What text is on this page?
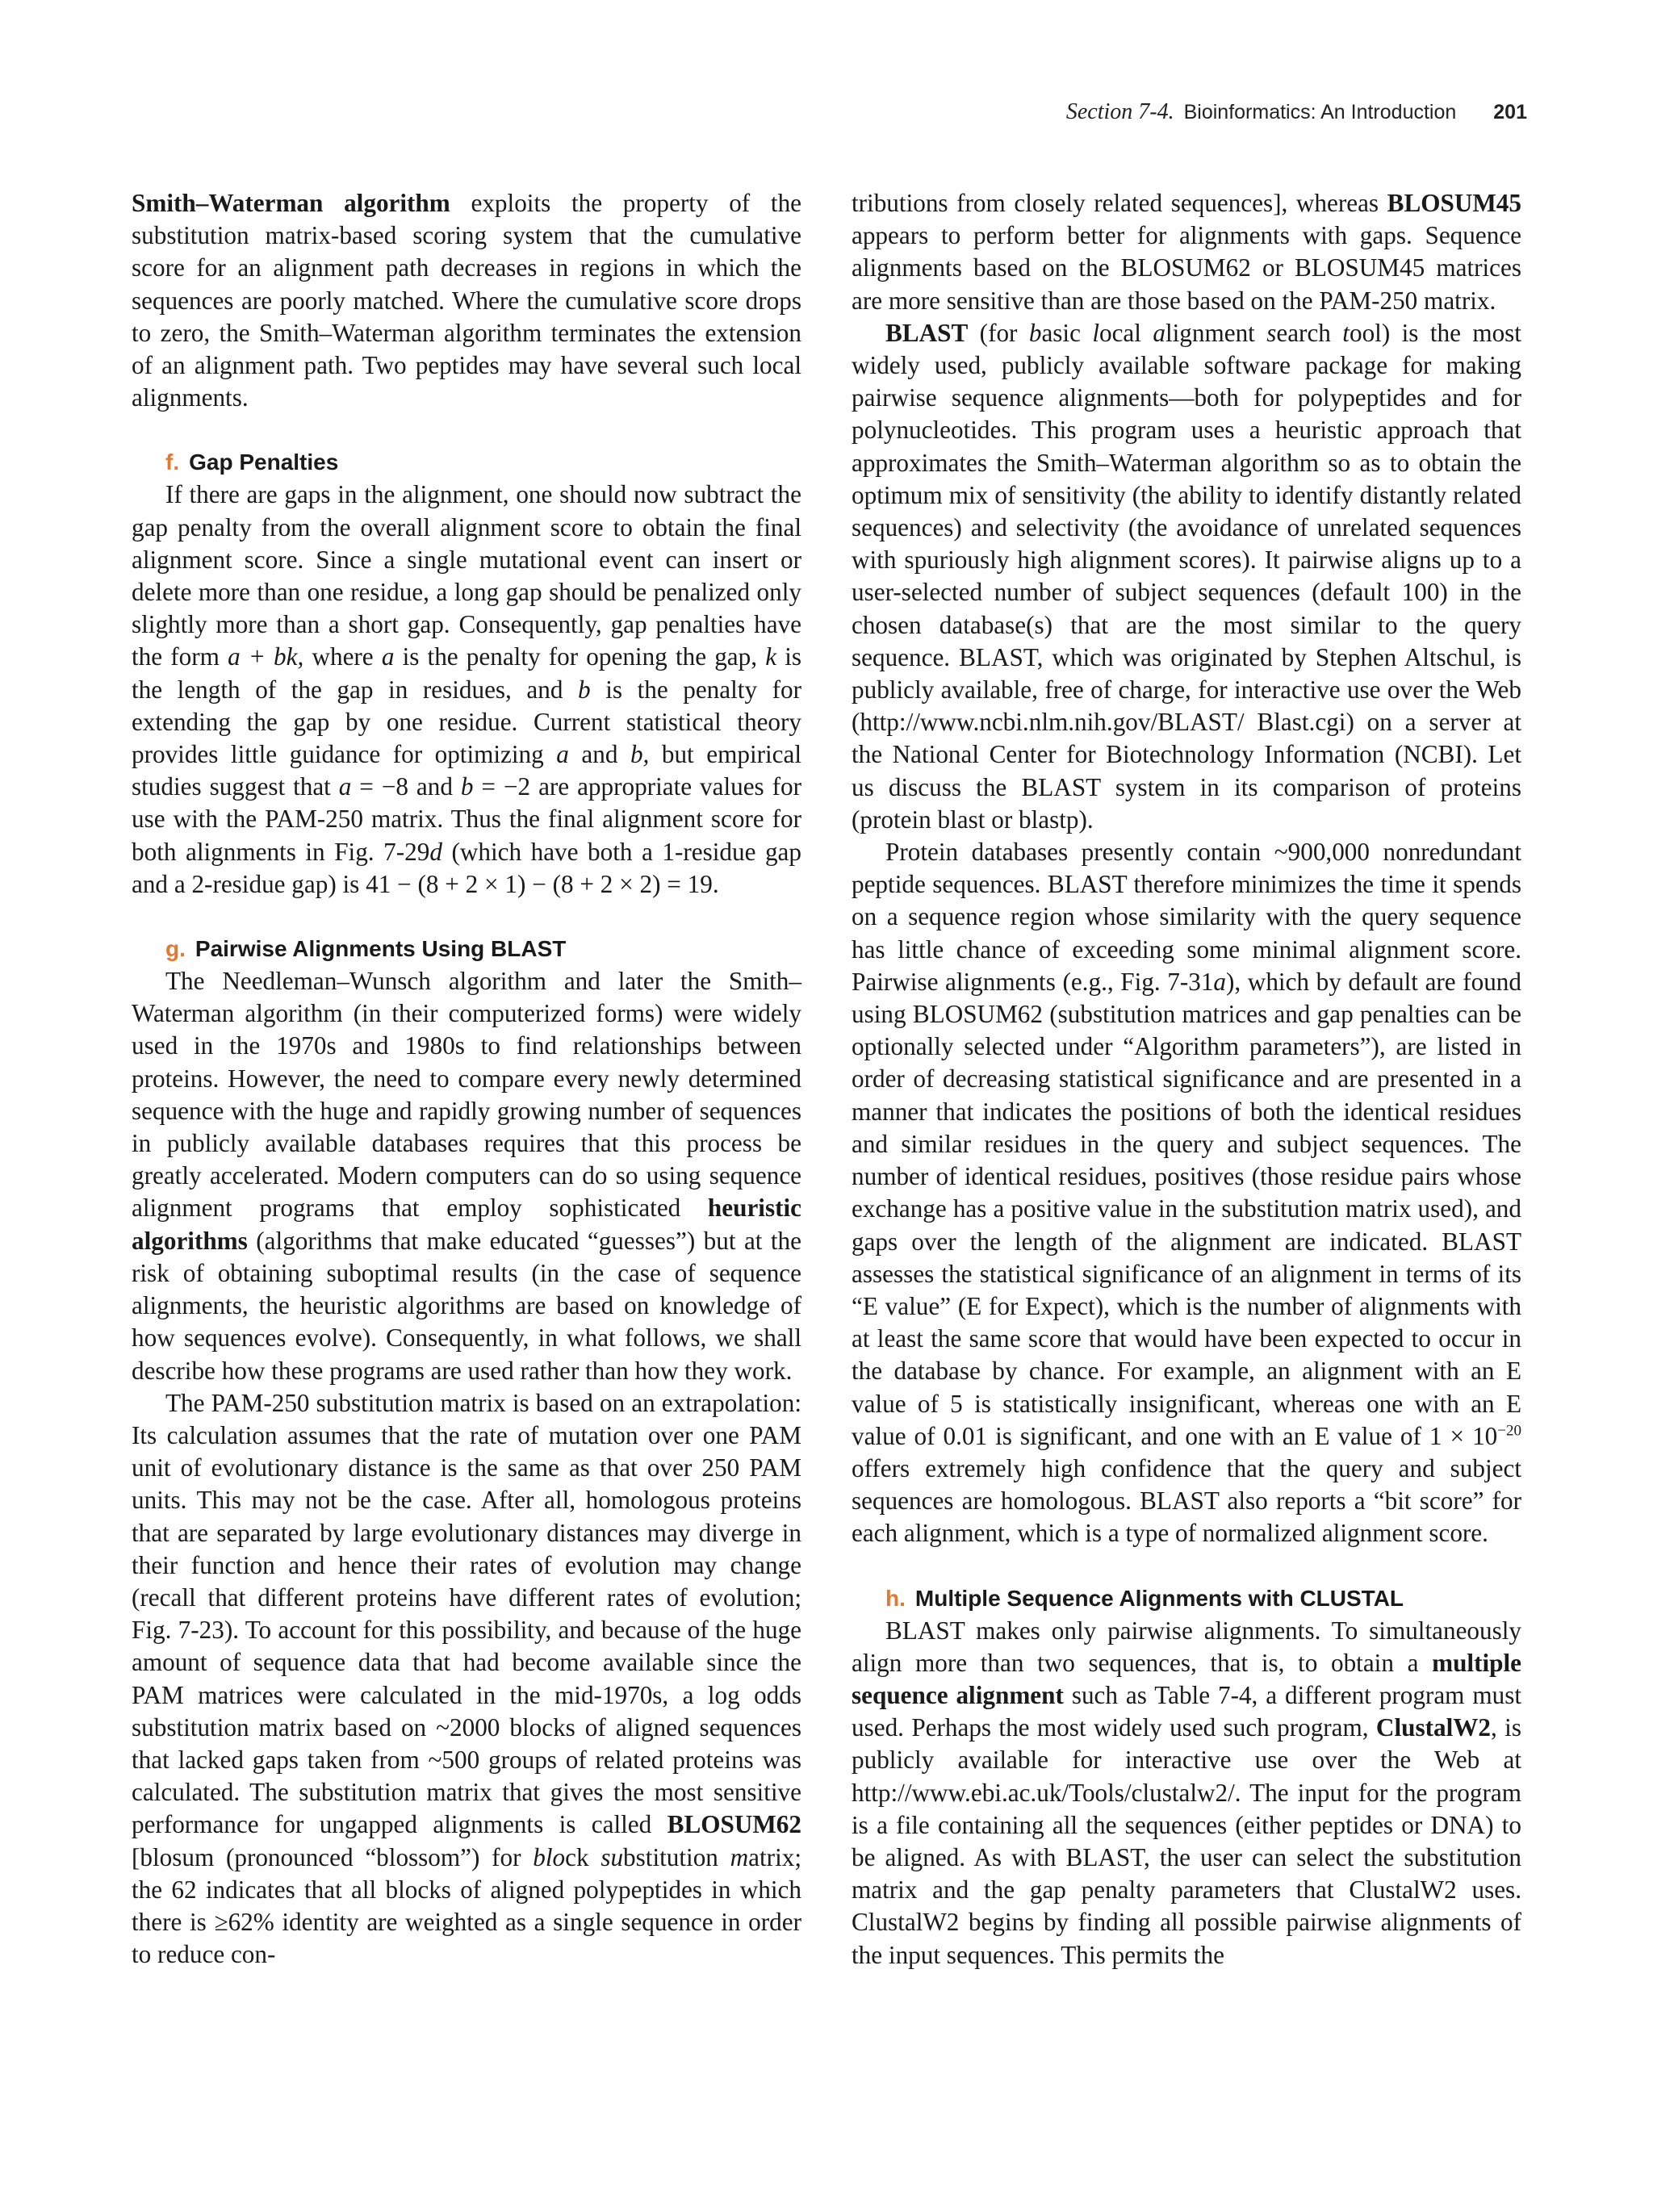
Section 7-4. Bioinformatics: An Introduction 201

Smith–Waterman algorithm exploits the property of the substitution matrix-based scoring system that the cumulative score for an alignment path decreases in regions in which the sequences are poorly matched. Where the cumulative score drops to zero, the Smith–Waterman algorithm terminates the extension of an alignment path. Two peptides may have several such local alignments.

f. Gap Penalties

If there are gaps in the alignment, one should now subtract the gap penalty from the overall alignment score to obtain the final alignment score. Since a single mutational event can insert or delete more than one residue, a long gap should be penalized only slightly more than a short gap. Consequently, gap penalties have the form a + bk, where a is the penalty for opening the gap, k is the length of the gap in residues, and b is the penalty for extending the gap by one residue. Current statistical theory provides little guidance for optimizing a and b, but empirical studies suggest that a = −8 and b = −2 are appropriate values for use with the PAM-250 matrix. Thus the final alignment score for both alignments in Fig. 7-29d (which have both a 1-residue gap and a 2-residue gap) is 41 − (8 + 2 × 1) − (8 + 2 × 2) = 19.

g. Pairwise Alignments Using BLAST

The Needleman–Wunsch algorithm and later the Smith–Waterman algorithm (in their computerized forms) were widely used in the 1970s and 1980s to find relationships between proteins. However, the need to compare every newly determined sequence with the huge and rapidly growing number of sequences in publicly available databases requires that this process be greatly accelerated. Modern computers can do so using sequence alignment programs that employ sophisticated heuristic algorithms (algorithms that make educated “guesses”) but at the risk of obtaining suboptimal results (in the case of sequence alignments, the heuristic algorithms are based on knowledge of how sequences evolve). Consequently, in what follows, we shall describe how these programs are used rather than how they work.

The PAM-250 substitution matrix is based on an extrapolation: Its calculation assumes that the rate of mutation over one PAM unit of evolutionary distance is the same as that over 250 PAM units. This may not be the case. After all, homologous proteins that are separated by large evolutionary distances may diverge in their function and hence their rates of evolution may change (recall that different proteins have different rates of evolution; Fig. 7-23). To account for this possibility, and because of the huge amount of sequence data that had become available since the PAM matrices were calculated in the mid-1970s, a log odds substitution matrix based on ~2000 blocks of aligned sequences that lacked gaps taken from ~500 groups of related proteins was calculated. The substitution matrix that gives the most sensitive performance for ungapped alignments is called BLOSUM62 [blosum (pronounced “blossom”) for block substitution matrix; the 62 indicates that all blocks of aligned polypeptides in which there is ≥62% identity are weighted as a single sequence in order to reduce con-

tributions from closely related sequences], whereas BLOSUM45 appears to perform better for alignments with gaps. Sequence alignments based on the BLOSUM62 or BLOSUM45 matrices are more sensitive than are those based on the PAM-250 matrix.

BLAST (for basic local alignment search tool) is the most widely used, publicly available software package for making pairwise sequence alignments—both for polypeptides and for polynucleotides. This program uses a heuristic approach that approximates the Smith–Waterman algorithm so as to obtain the optimum mix of sensitivity (the ability to identify distantly related sequences) and selectivity (the avoidance of unrelated sequences with spuriously high alignment scores). It pairwise aligns up to a user-selected number of subject sequences (default 100) in the chosen database(s) that are the most similar to the query sequence. BLAST, which was originated by Stephen Altschul, is publicly available, free of charge, for interactive use over the Web (http://www.ncbi.nlm.nih.gov/BLAST/ Blast.cgi) on a server at the National Center for Biotechnology Information (NCBI). Let us discuss the BLAST system in its comparison of proteins (protein blast or blastp).

Protein databases presently contain ~900,000 nonredundant peptide sequences. BLAST therefore minimizes the time it spends on a sequence region whose similarity with the query sequence has little chance of exceeding some minimal alignment score. Pairwise alignments (e.g., Fig. 7-31a), which by default are found using BLOSUM62 (substitution matrices and gap penalties can be optionally selected under “Algorithm parameters”), are listed in order of decreasing statistical significance and are presented in a manner that indicates the positions of both the identical residues and similar residues in the query and subject sequences. The number of identical residues, positives (those residue pairs whose exchange has a positive value in the substitution matrix used), and gaps over the length of the alignment are indicated. BLAST assesses the statistical significance of an alignment in terms of its “E value” (E for Expect), which is the number of alignments with at least the same score that would have been expected to occur in the database by chance. For example, an alignment with an E value of 5 is statistically insignificant, whereas one with an E value of 0.01 is significant, and one with an E value of $1 \times 10^{-20}$ offers extremely high confidence that the query and subject sequences are homologous. BLAST also reports a “bit score” for each alignment, which is a type of normalized alignment score.

h. Multiple Sequence Alignments with CLUSTAL

BLAST makes only pairwise alignments. To simultaneously align more than two sequences, that is, to obtain a multiple sequence alignment such as Table 7-4, a different program must used. Perhaps the most widely used such program, ClustalW2, is publicly available for interactive use over the Web at http://www.ebi.ac.uk/Tools/clustalw2/. The input for the program is a file containing all the sequences (either peptides or DNA) to be aligned. As with BLAST, the user can select the substitution matrix and the gap penalty parameters that ClustalW2 uses. ClustalW2 begins by finding all possible pairwise alignments of the input sequences. This permits the
